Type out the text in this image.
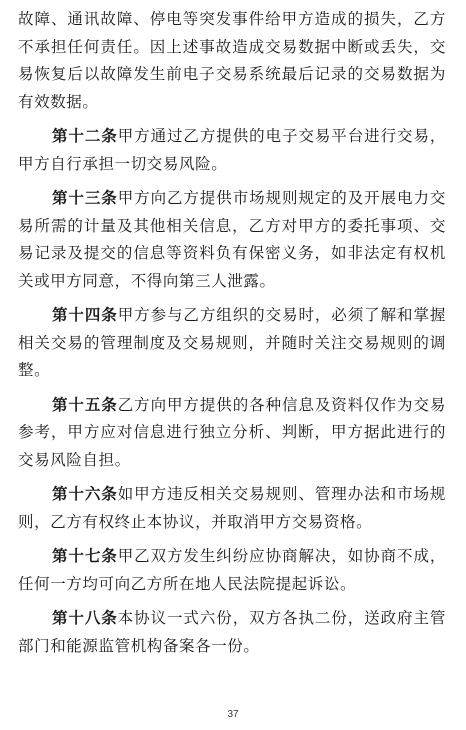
故障、通讯故障、停电等突发事件给甲方造成的损失，乙方不承担任何责任。因上述事故造成交易数据中断或丢失，交易恢复后以故障发生前电子交易系统最后记录的交易数据为有效数据。

第十二条甲方通过乙方提供的电子交易平台进行交易，甲方自行承担一切交易风险。

第十三条甲方向乙方提供市场规则规定的及开展电力交易所需的计量及其他相关信息，乙方对甲方的委托事项、交易记录及提交的信息等资料负有保密义务，如非法定有权机关或甲方同意，不得向第三人泄露。

第十四条甲方参与乙方组织的交易时，必须了解和掌握相关交易的管理制度及交易规则，并随时关注交易规则的调整。

第十五条乙方向甲方提供的各种信息及资料仅作为交易参考，甲方应对信息进行独立分析、判断，甲方据此进行的交易风险自担。

第十六条如甲方违反相关交易规则、管理办法和市场规则，乙方有权终止本协议，并取消甲方交易资格。

第十七条甲乙双方发生纠纷应协商解决，如协商不成，任何一方均可向乙方所在地人民法院提起诉讼。

第十八条本协议一式六份，双方各执二份，送政府主管部门和能源监管机构备案各一份。

37
